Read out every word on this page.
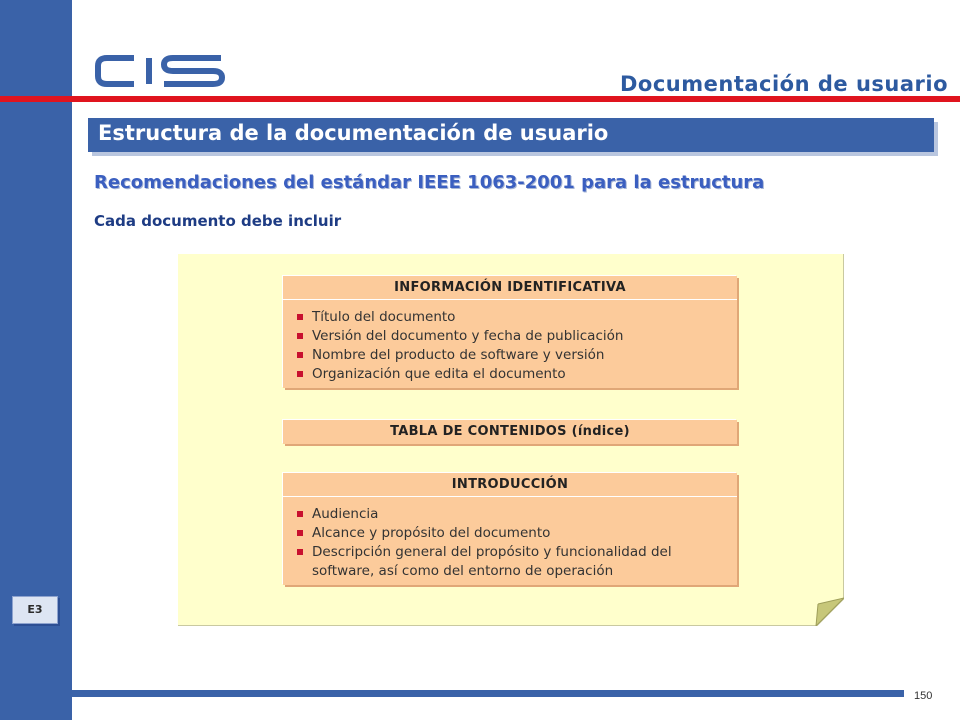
Documentación de usuario
Estructura de la documentación de usuario
Recomendaciones del estándar IEEE 1063-2001 para la estructura
Cada documento debe incluir
INFORMACIÓN IDENTIFICATIVA
Título del documento
Versión del documento y fecha de publicación
Nombre del producto de software y versión
Organización que edita el documento
TABLA DE CONTENIDOS (índice)
INTRODUCCIÓN
Audiencia
Alcance y propósito del documento
Descripción general del propósito y funcionalidad del software, así como del entorno de operación
E3
150
